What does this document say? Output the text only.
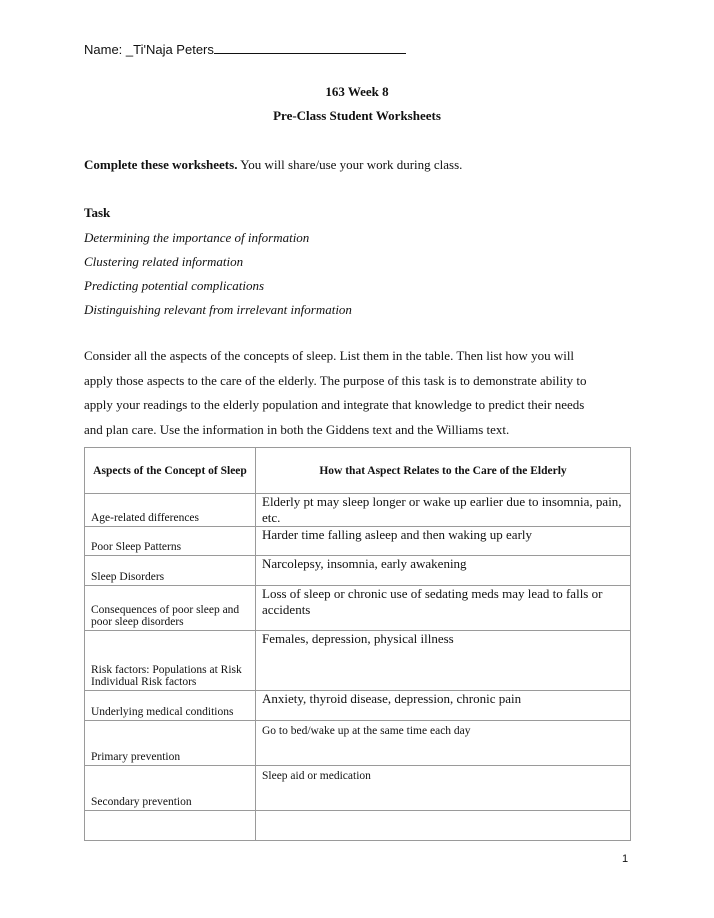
Name: _Ti'Naja Peters
163 Week 8
Pre-Class Student Worksheets
Complete these worksheets. You will share/use your work during class.
Task
Determining the importance of information
Clustering related information
Predicting potential complications
Distinguishing relevant from irrelevant information
Consider all the aspects of the concepts of sleep. List them in the table. Then list how you will
apply those aspects to the care of the elderly. The purpose of this task is to demonstrate ability to
apply your readings to the elderly population and integrate that knowledge to predict their needs
and plan care. Use the information in both the Giddens text and the Williams text.
Aspects of the Concept of Sleep	How that Aspect Relates to the Care of the Elderly
Age-related differences	Elderly pt may sleep longer or wake up earlier due to insomnia, pain, etc.
Poor Sleep Patterns	Harder time falling asleep and then waking up early
Sleep Disorders	Narcolepsy, insomnia, early awakening
Consequences of poor sleep and poor sleep disorders	Loss of sleep or chronic use of sedating meds may lead to falls or accidents
Risk factors: Populations at Risk
Individual Risk factors	Females, depression, physical illness
Underlying medical conditions	Anxiety, thyroid disease, depression, chronic pain
Primary prevention	Go to bed/wake up at the same time each day
Secondary prevention	Sleep aid or medication

1
